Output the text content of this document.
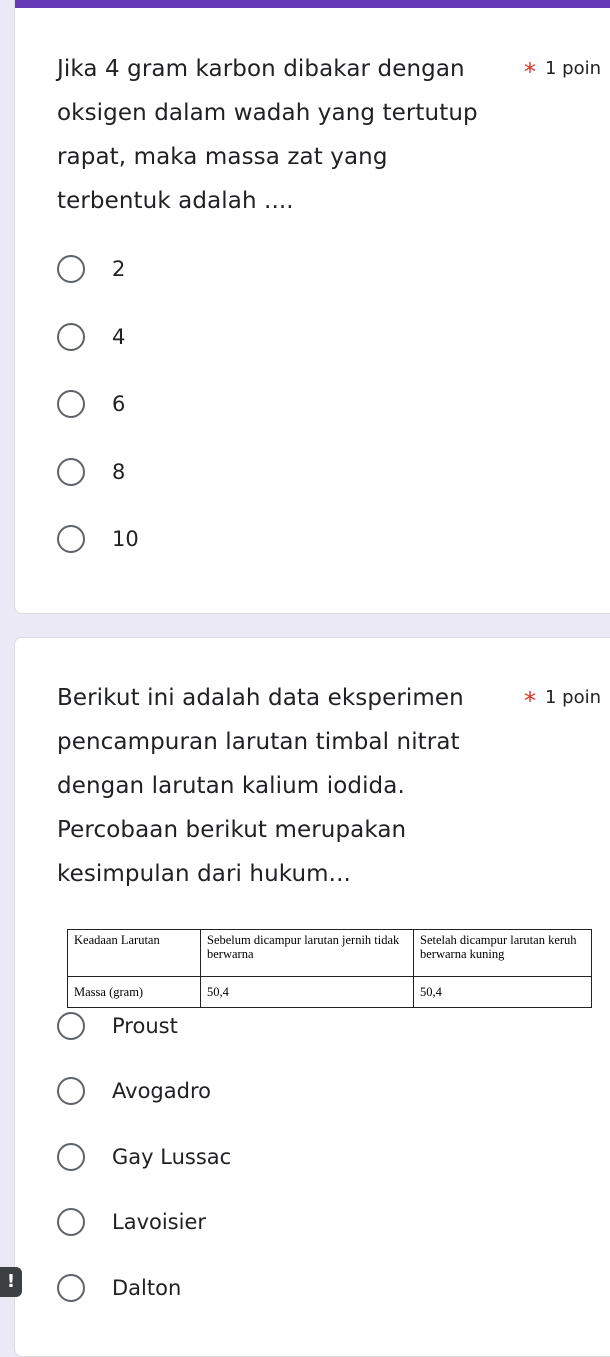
Jika 4 gram karbon dibakar dengan oksigen dalam wadah yang tertutup rapat, maka massa zat yang terbentuk adalah ....
* 1 poin
2
4
6
8
10
Berikut ini adalah data eksperimen pencampuran larutan timbal nitrat dengan larutan kalium iodida. Percobaan berikut merupakan kesimpulan dari hukum...
* 1 poin
Keadaan Larutan	Sebelum dicampur larutan jernih tidak berwarna	Setelah dicampur larutan keruh berwarna kuning
Massa (gram)	50,4	50,4
Proust
Avogadro
Gay Lussac
Lavoisier
Dalton
!
